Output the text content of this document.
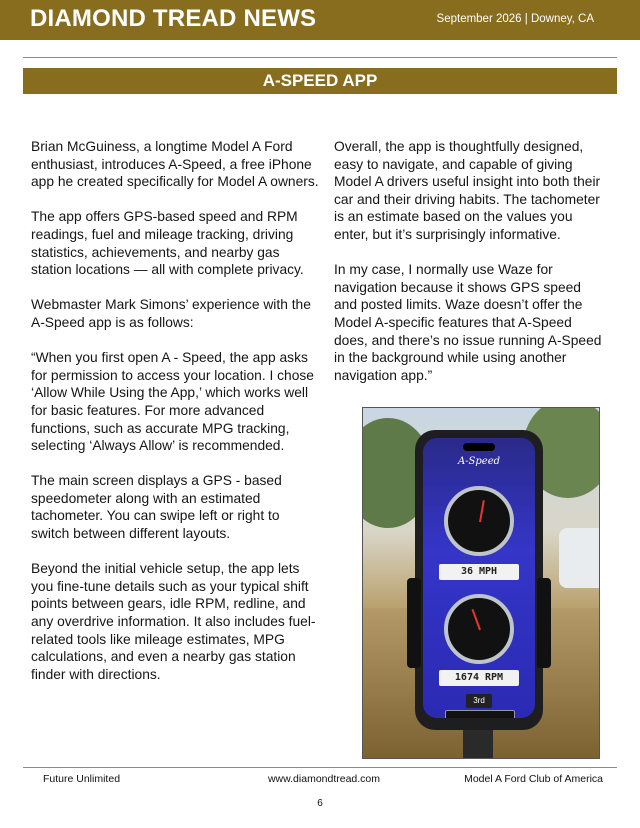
DIAMOND TREAD NEWS	September 2026 | Downey, CA
A-SPEED APP

Brian McGuiness, a longtime Model A Ford enthusiast, introduces A-Speed, a free iPhone app he created specifically for Model A owners.

The app offers GPS-based speed and RPM readings, fuel and mileage tracking, driving statistics, achievements, and nearby gas station locations — all with complete privacy.

Webmaster Mark Simons’ experience with the A-Speed app is as follows:

“When you first open A - Speed, the app asks for permission to access your location. I chose ‘Allow While Using the App,’ which works well for basic features. For more advanced functions, such as accurate MPG tracking, selecting ‘Always Allow’ is recommended.

The main screen displays a GPS - based speedometer along with an estimated tachometer. You can swipe left or right to switch between different layouts.

Beyond the initial vehicle setup, the app lets you fine-tune details such as your typical shift points between gears, idle RPM, redline, and any overdrive information. It also includes fuel-related tools like mileage estimates, MPG calculations, and even a nearby gas station finder with directions.

Overall, the app is thoughtfully designed, easy to navigate, and capable of giving Model A drivers useful insight into both their car and their driving habits. The tachometer is an estimate based on the values you enter, but it’s surprisingly informative.

In my case, I normally use Waze for navigation because it shows GPS speed and posted limits. Waze doesn’t offer the Model A-specific features that A-Speed does, and there’s no issue running A-Speed in the background while using another navigation app.”

A-Speed
36 MPH
1674 RPM
3rd
Future Unlimited	www.diamondtread.com	Model A Ford Club of America
6
